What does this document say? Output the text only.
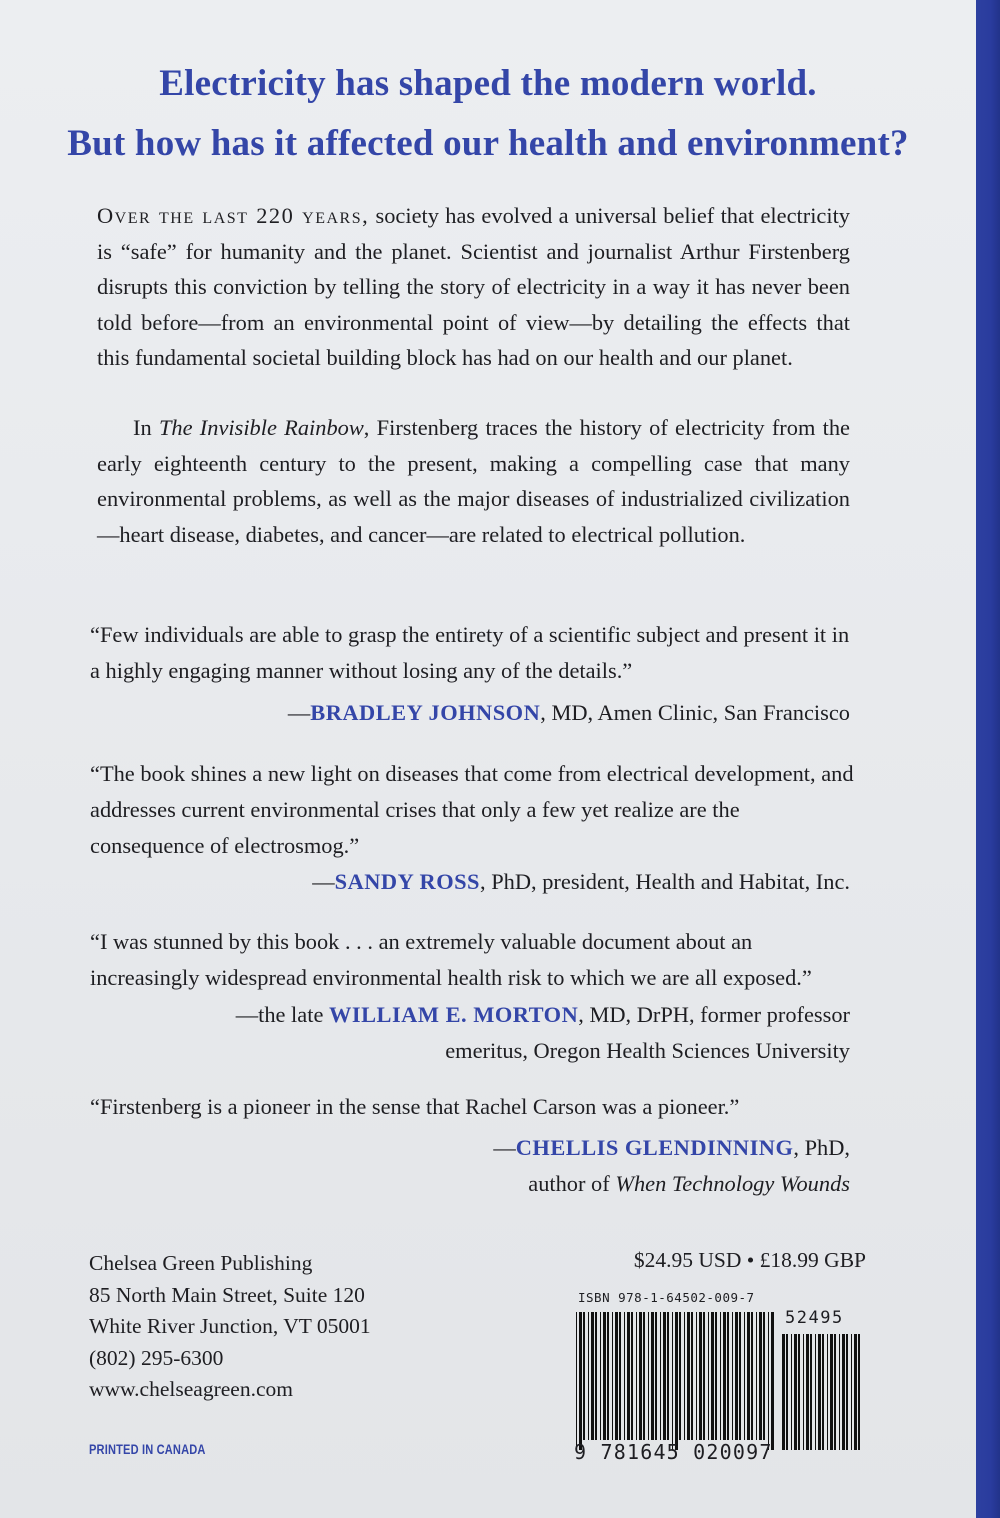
Electricity has shaped the modern world.
But how has it affected our health and environment?

Over the last 220 years, society has evolved a universal belief that electricity is “safe” for humanity and the planet. Scientist and journalist Arthur Firstenberg disrupts this conviction by telling the story of electricity in a way it has never been told before—from an environmental point of view—by detailing the effects that this fundamental societal building block has had on our health and our planet.

In The Invisible Rainbow, Firstenberg traces the history of electricity from the early eighteenth century to the present, making a compelling case that many environmental problems, as well as the major diseases of industrialized civilization—heart disease, diabetes, and cancer—are related to electrical pollution.

“Few individuals are able to grasp the entirety of a scientific subject and present it in a highly engaging manner without losing any of the details.”

—BRADLEY JOHNSON, MD, Amen Clinic, San Francisco

“The book shines a new light on diseases that come from electrical development, and addresses current environmental crises that only a few yet realize are the consequence of electrosmog.”

—SANDY ROSS, PhD, president, Health and Habitat, Inc.

“I was stunned by this book . . . an extremely valuable document about an increasingly widespread environmental health risk to which we are all exposed.”

—the late WILLIAM E. MORTON, MD, DrPH, former professor
emeritus, Oregon Health Sciences University

“Firstenberg is a pioneer in the sense that Rachel Carson was a pioneer.”

—CHELLIS GLENDINNING, PhD,
author of When Technology Wounds

Chelsea Green Publishing
85 North Main Street, Suite 120
White River Junction, VT 05001
(802) 295-6300
www.chelseagreen.com
PRINTED IN CANADA
$24.95 USD • £18.99 GBP
ISBN 978-1-64502-009-7
52495
9 781645 020097
